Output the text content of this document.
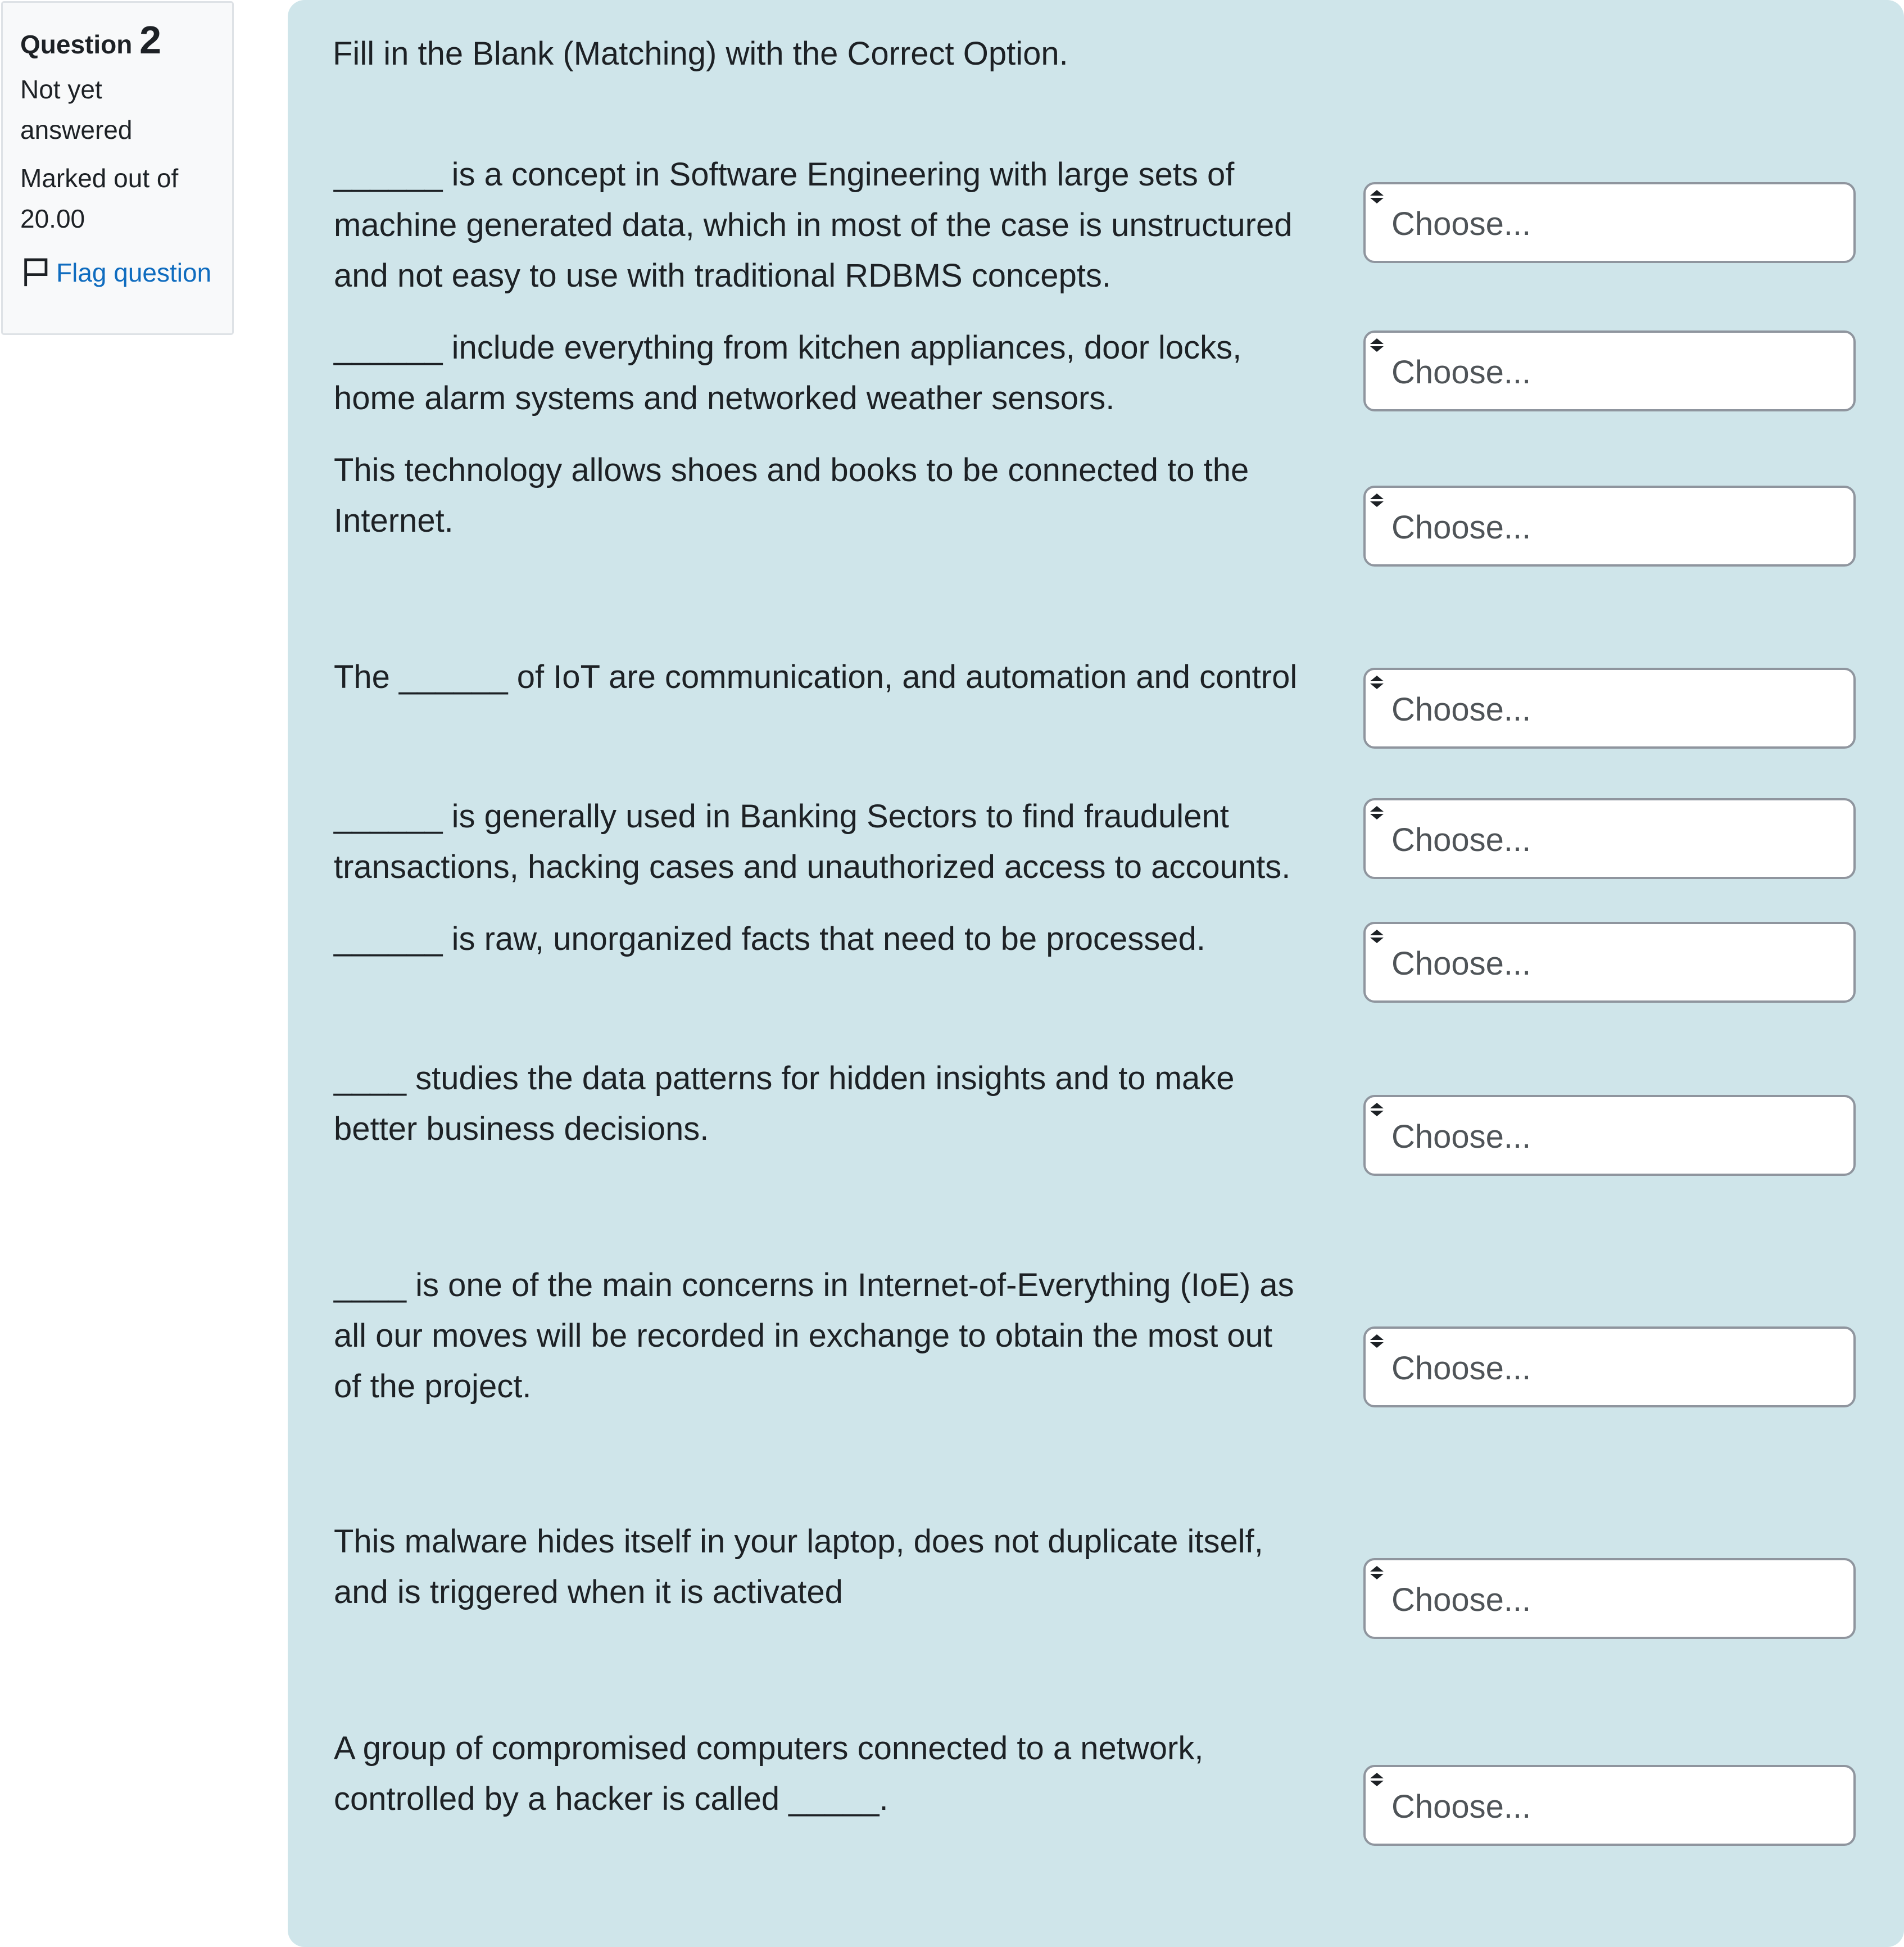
Question 2
Not yet
answered
Marked out of
20.00
Flag question
Fill in the Blank (Matching) with the Correct Option.
______ is a concept in Software Engineering with large sets of
machine generated data, which in most of the case is unstructured
and not easy to use with traditional RDBMS concepts.
Choose...
______ include everything from kitchen appliances, door locks,
home alarm systems and networked weather sensors.
Choose...
This technology allows shoes and books to be connected to the
Internet.	Choose...
The ______ of IoT are communication, and automation and control
Choose...
______ is generally used in Banking Sectors to find fraudulent
transactions, hacking cases and unauthorized access to accounts.
Choose...
______ is raw, unorganized facts that need to be processed.
Choose...
____ studies the data patterns for hidden insights and to make
better business decisions.	Choose...
____ is one of the main concerns in Internet-of-Everything (IoE) as
all our moves will be recorded in exchange to obtain the most out
of the project.	Choose...
This malware hides itself in your laptop, does not duplicate itself,
and is triggered when it is activated	Choose...
A group of compromised computers connected to a network,
controlled by a hacker is called _____.	Choose...
